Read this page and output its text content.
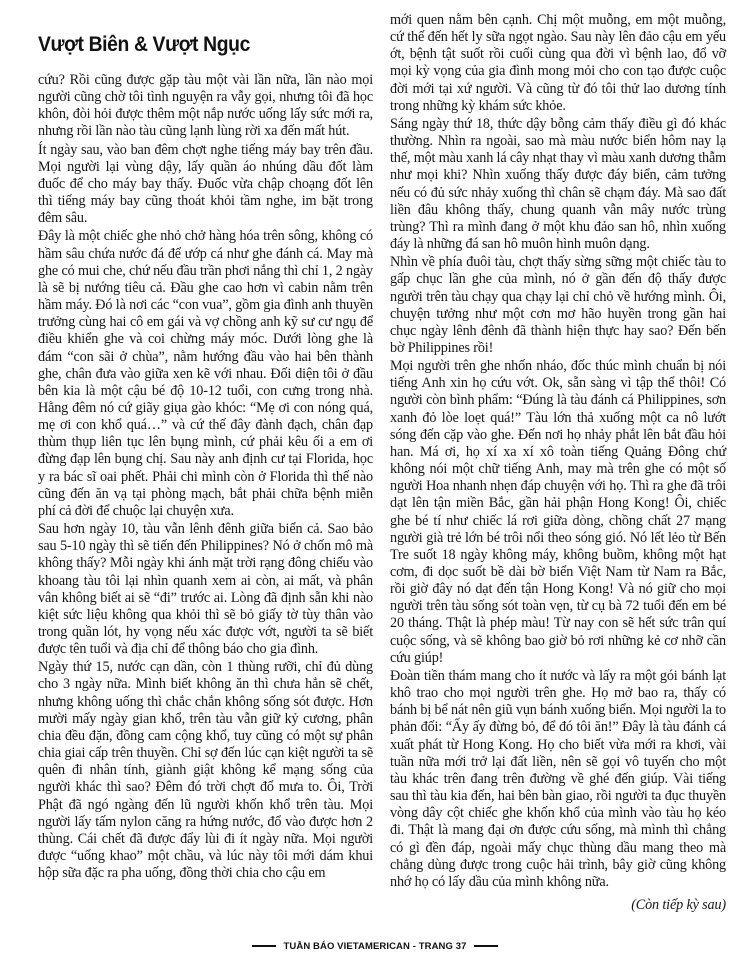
Vượt Biên & Vượt Ngục

cứu? Rồi cũng được gặp tàu một vài lần nữa, lần nào mọi người cũng chờ tôi tình nguyện ra vẫy gọi, nhưng tôi đã học khôn, đòi hỏi được thêm một nắp nước uống lấy sức mới ra, nhưng rồi lần nào tàu cũng lạnh lùng rời xa đến mất hút.

Ít ngày sau, vào ban đêm chợt nghe tiếng máy bay trên đầu. Mọi người lại vùng dậy, lấy quần áo nhúng dầu đốt làm đuốc để cho máy bay thấy. Đuốc vừa chập choạng đốt lên thì tiếng máy bay cũng thoát khỏi tầm nghe, im bặt trong đêm sâu.

Đây là một chiếc ghe nhỏ chở hàng hóa trên sông, không có hầm sâu chứa nước đá để ướp cá như ghe đánh cá. May mà ghe có mui che, chứ nếu đầu trần phơi nắng thì chỉ 1, 2 ngày là sẽ bị nướng tiêu cả. Đầu ghe cao hơn vì cabin nằm trên hầm máy. Đó là nơi các “con vua”, gồm gia đình anh thuyền trưởng cùng hai cô em gái và vợ chồng anh kỹ sư cư ngụ để điều khiển ghe và coi chừng máy móc. Dưới lòng ghe là đám “con sãi ở chùa”, nằm hướng đầu vào hai bên thành ghe, chân đưa vào giữa xen kẽ với nhau. Đối diện tôi ở đầu bên kia là một cậu bé độ 10-12 tuổi, con cưng trong nhà. Hằng đêm nó cứ giãy giụa gào khóc: “Mẹ ơi con nóng quá, mẹ ơi con khổ quá…” và cứ thế đây đành đạch, chân đạp thùm thụp liên tục lên bụng mình, cứ phải kêu ối a em ơi đừng đạp lên bụng chị. Sau này anh định cư tại Florida, học y ra bác sĩ oai phết. Phải chi mình còn ở Florida thì thế nào cũng đến ăn vạ tại phòng mạch, bắt phải chữa bệnh miễn phí cả đời để chuộc lại chuyện xưa.

Sau hơn ngày 10, tàu vẫn lênh đênh giữa biển cả. Sao bảo sau 5-10 ngày thì sẽ tiến đến Philippines? Nó ở chốn mô mà không thấy? Mỗi ngày khi ánh mặt trời rạng đông chiếu vào khoang tàu tôi lại nhìn quanh xem ai còn, ai mất, và phân vân không biết ai sẽ “đi” trước ai. Lòng đã định sẵn khi nào kiệt sức liệu không qua khỏi thì sẽ bỏ giấy tờ tùy thân vào trong quần lót, hy vọng nếu xác được vớt, người ta sẽ biết được tên tuổi và địa chỉ để thông báo cho gia đình.

Ngày thứ 15, nước cạn dần, còn 1 thùng rưỡi, chỉ đủ dùng cho 3 ngày nữa. Mình biết không ăn thì chưa hẳn sẽ chết, nhưng không uống thì chắc chắn không sống sót được. Hơn mười mấy ngày gian khổ, trên tàu vẫn giữ kỷ cương, phân chia đều đặn, đồng cam cộng khổ, tuy cũng có một sự phân chia giai cấp trên thuyền. Chỉ sợ đến lúc cạn kiệt người ta sẽ quên đi nhân tính, giành giật không kể mạng sống của người khác thì sao? Đêm đó trời chợt đổ mưa to. Ôi, Trời Phật đã ngó ngàng đến lũ người khốn khổ trên tàu. Mọi người lấy tấm nylon căng ra hứng nước, đổ vào được hơn 2 thùng. Cái chết đã được đẩy lùi đi ít ngày nữa. Mọi người được “uống khao” một chầu, và lúc này tôi mới dám khui hộp sữa đặc ra pha uống, đồng thời chia cho cậu em

mới quen nằm bên cạnh. Chị một muỗng, em một muỗng, cứ thế đến hết ly sữa ngọt ngào. Sau này lên đảo cậu em yếu ớt, bệnh tật suốt rồi cuối cùng qua đời vì bệnh lao, đổ vỡ mọi kỳ vọng của gia đình mong mỏi cho con tạo được cuộc đời mới tại xứ người. Và cũng từ đó tôi thử lao dương tính trong những kỳ khám sức khỏe.

Sáng ngày thứ 18, thức dậy bỗng cảm thấy điều gì đó khác thường. Nhìn ra ngoài, sao mà màu nước biển hôm nay lạ thế, một màu xanh lá cây nhạt thay vì màu xanh dương thẫm như mọi khi? Nhìn xuống thấy được đáy biển, cảm tưởng nếu có đủ sức nhảy xuống thì chân sẽ chạm đáy. Mà sao đất liền đâu không thấy, chung quanh vẫn mây nước trùng trùng? Thì ra mình đang ở một khu đảo san hô, nhìn xuống đáy là những đá san hô muôn hình muôn dạng.

Nhìn về phía đuôi tàu, chợt thấy sừng sững một chiếc tàu to gấp chục lần ghe của mình, nó ở gần đến độ thấy được người trên tàu chạy qua chạy lại chỉ chỏ về hướng mình. Ôi, chuyện tưởng như một cơn mơ hão huyền trong gần hai chục ngày lênh đênh đã thành hiện thực hay sao? Đến bến bờ Philippines rồi!

Mọi người trên ghe nhốn nháo, đốc thúc mình chuẩn bị nói tiếng Anh xin họ cứu vớt. Ok, sẵn sàng vì tập thể thôi! Có người còn bình phẩm: “Đúng là tàu đánh cá Philippines, sơn xanh đỏ lòe loẹt quá!” Tàu lớn thả xuống một ca nô lướt sóng đến cặp vào ghe. Đến nơi họ nhảy phắt lên bắt đầu hỏi han. Má ơi, họ xí xa xí xô toàn tiếng Quảng Đông chứ không nói một chữ tiếng Anh, may mà trên ghe có một số người Hoa nhanh nhẹn đáp chuyện với họ. Thì ra ghe đã trôi dạt lên tận miền Bắc, gần hải phận Hong Kong! Ôi, chiếc ghe bé tí như chiếc lá rơi giữa dòng, chồng chất 27 mạng người già trẻ lớn bé trôi nổi theo sóng gió. Nó lết lẻo từ Bến Tre suốt 18 ngày không máy, không buồm, không một hạt cơm, đi dọc suốt bề dài bờ biển Việt Nam từ Nam ra Bắc, rồi giờ đây nó dạt đến tận Hong Kong! Và nó giữ cho mọi người trên tàu sống sót toàn vẹn, từ cụ bà 72 tuổi đến em bé 20 tháng. Thật là phép màu! Từ nay con sẽ hết sức trân quí cuộc sống, và sẽ không bao giờ bỏ rơi những kẻ cơ nhỡ cần cứu giúp!

Đoàn tiền thám mang cho ít nước và lấy ra một gói bánh lạt khô trao cho mọi người trên ghe. Họ mở bao ra, thấy có bánh bị bể nát nên giũ vụn bánh xuống biển. Mọi người la to phản đối: “Ấy ấy đừng bỏ, để đó tôi ăn!” Đây là tàu đánh cá xuất phát từ Hong Kong. Họ cho biết vừa mới ra khơi, vài tuần nữa mới trở lại đất liền, nên sẽ gọi vô tuyến cho một tàu khác trên đang trên đường về ghé đến giúp. Vài tiếng sau thì tàu kia đến, hai bên bàn giao, rồi người ta đục thuyền vòng dây cột chiếc ghe khốn khổ của mình vào tàu họ kéo đi. Thật là mang đại ơn được cứu sống, mà mình thì chẳng có gì đền đáp, ngoài mấy chục thùng dầu mang theo mà chẳng dùng được trong cuộc hải trình, bây giờ cũng không nhớ họ có lấy dầu của mình không nữa.

(Còn tiếp kỳ sau)

TUẦN BÁO VIETAMERICAN - TRANG 37
